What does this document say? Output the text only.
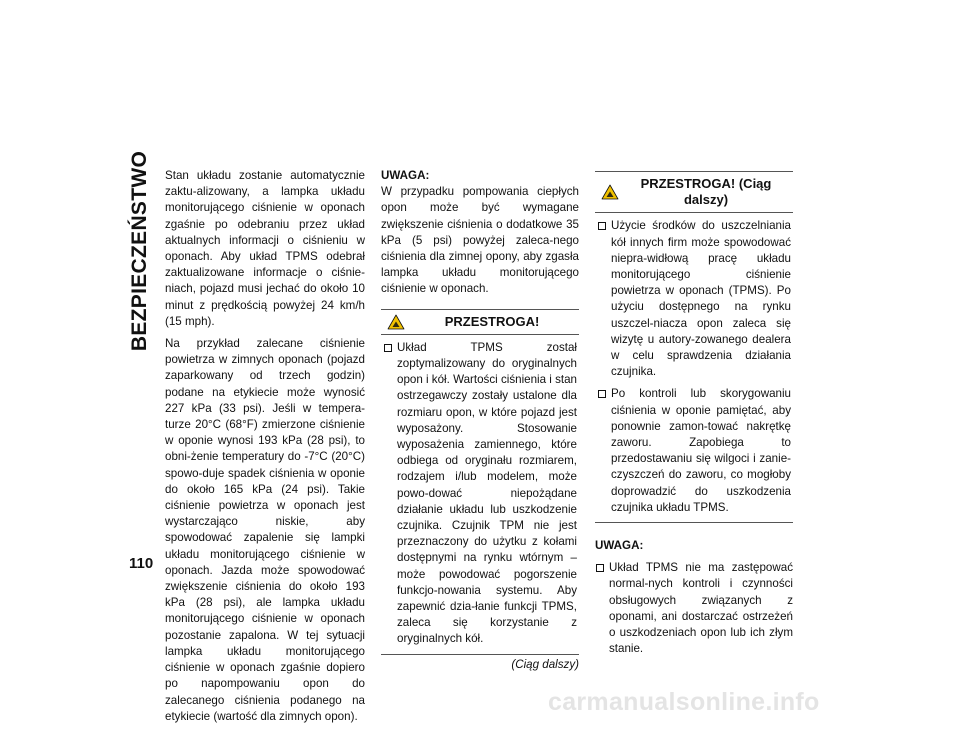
BEZPIECZEŃSTWO
110

Stan układu zostanie automatycznie zaktu-alizowany, a lampka układu monitorującego ciśnienie w oponach zgaśnie po odebraniu przez układ aktualnych informacji o ciśnieniu w oponach. Aby układ TPMS odebrał zaktualizowane informacje o ciśnie-niach, pojazd musi jechać do około 10 minut z prędkością powyżej 24 km/h (15 mph).

Na przykład zalecane ciśnienie powietrza w zimnych oponach (pojazd zaparkowany od trzech godzin) podane na etykiecie może wynosić 227 kPa (33 psi). Jeśli w tempera-turze 20°C (68°F) zmierzone ciśnienie w oponie wynosi 193 kPa (28 psi), to obni-żenie temperatury do -7°C (20°C) spowo-duje spadek ciśnienia w oponie do około 165 kPa (24 psi). Takie ciśnienie powietrza w oponach jest wystarczająco niskie, aby spowodować zapalenie się lampki układu monitorującego ciśnienie w oponach. Jazda może spowodować zwiększenie ciśnienia do około 193 kPa (28 psi), ale lampka układu monitorującego ciśnienie w oponach pozostanie zapalona. W tej sytuacji lampka układu monitorującego ciśnienie w oponach zgaśnie dopiero po napompowaniu opon do zalecanego ciśnienia podanego na etykiecie (wartość dla zimnych opon).

UWAGA:

W przypadku pompowania ciepłych opon może być wymagane zwiększenie ciśnienia o dodatkowe 35 kPa (5 psi) powyżej zaleca-nego ciśnienia dla zimnej opony, aby zgasła lampka układu monitorującego ciśnienie w oponach.

PRZESTROGA!
Układ TPMS został zoptymalizowany do oryginalnych opon i kół. Wartości ciśnienia i stan ostrzegawczy zostały ustalone dla rozmiaru opon, w które pojazd jest wyposażony. Stosowanie wyposażenia zamiennego, które odbiega od oryginału rozmiarem, rodzajem i/lub modelem, może powo-dować niepożądane działanie układu lub uszkodzenie czujnika. Czujnik TPM nie jest przeznaczony do użytku z kołami dostępnymi na rynku wtórnym – może powodować pogorszenie funkcjo-nowania systemu. Aby zapewnić dzia-łanie funkcji TPMS, zaleca się korzystanie z oryginalnych kół.
(Ciąg dalszy)
PRZESTROGA! (Ciąg dalszy)
Użycie środków do uszczelniania kół innych firm może spowodować niepra-widłową pracę układu monitorującego ciśnienie powietrza w oponach (TPMS). Po użyciu dostępnego na rynku uszczel-niacza opon zaleca się wizytę u autory-zowanego dealera w celu sprawdzenia działania czujnika.
Po kontroli lub skorygowaniu ciśnienia w oponie pamiętać, aby ponownie zamon-tować nakrętkę zaworu. Zapobiega to przedostawaniu się wilgoci i zanie-czyszczeń do zaworu, co mogłoby doprowadzić do uszkodzenia czujnika układu TPMS.
UWAGA:
Układ TPMS nie ma zastępować normal-nych kontroli i czynności obsługowych związanych z oponami, ani dostarczać ostrzeżeń o uszkodzeniach opon lub ich złym stanie.
carmanualsonline.info
